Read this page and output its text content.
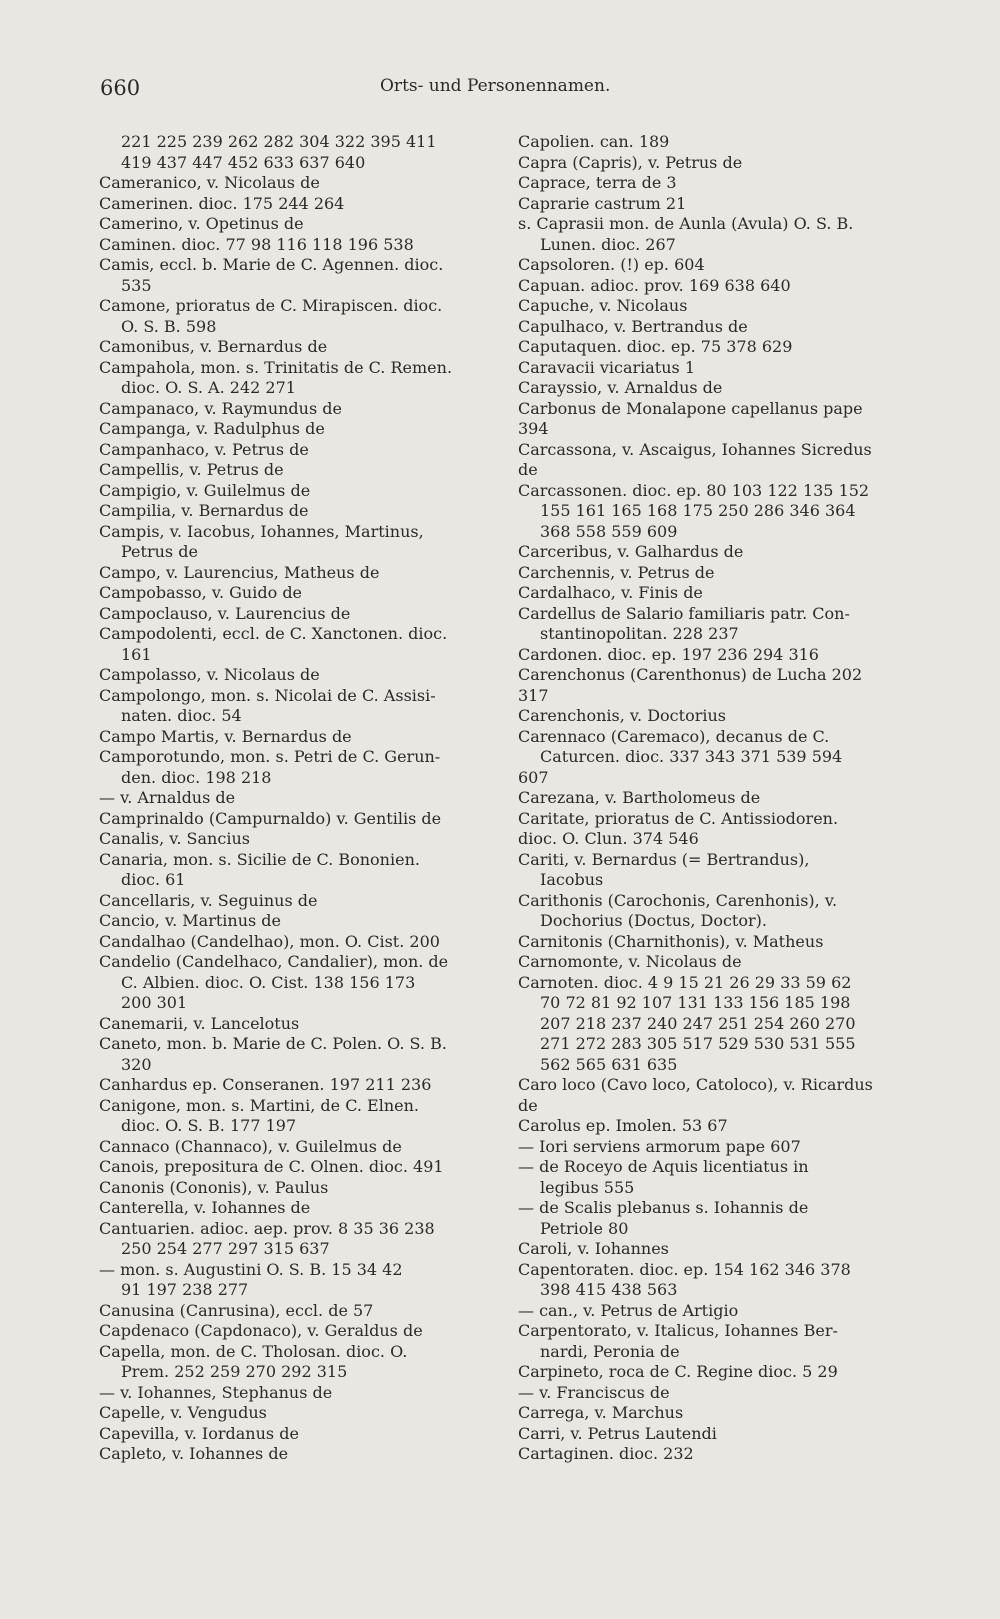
660	Orts- und Personennamen.
221 225 239 262 282 304 322 395 411
419 437 447 452 633 637 640
Cameranico, v. Nicolaus de
Camerinen. dioc. 175 244 264
Camerino, v. Opetinus de
Caminen. dioc. 77 98 116 118 196 538
Camis, eccl. b. Marie de C. Agennen. dioc.
535
Camone, prioratus de C. Mirapiscen. dioc.
O. S. B. 598
Camonibus, v. Bernardus de
Campahola, mon. s. Trinitatis de C. Remen.
dioc. O. S. A. 242 271
Campanaco, v. Raymundus de
Campanga, v. Radulphus de
Campanhaco, v. Petrus de
Campellis, v. Petrus de
Campigio, v. Guilelmus de
Campilia, v. Bernardus de
Campis, v. Iacobus, Iohannes, Martinus,
Petrus de
Campo, v. Laurencius, Matheus de
Campobasso, v. Guido de
Campoclauso, v. Laurencius de
Campodolenti, eccl. de C. Xanctonen. dioc.
161
Campolasso, v. Nicolaus de
Campolongo, mon. s. Nicolai de C. Assisi-
naten. dioc. 54
Campo Martis, v. Bernardus de
Camporotundo, mon. s. Petri de C. Gerun-
den. dioc. 198 218
— v. Arnaldus de
Camprinaldo (Campurnaldo) v. Gentilis de
Canalis, v. Sancius
Canaria, mon. s. Sicilie de C. Bononien.
dioc. 61
Cancellaris, v. Seguinus de
Cancio, v. Martinus de
Candalhao (Candelhao), mon. O. Cist. 200
Candelio (Candelhaco, Candalier), mon. de
C. Albien. dioc. O. Cist. 138 156 173
200 301
Canemarii, v. Lancelotus
Caneto, mon. b. Marie de C. Polen. O. S. B.
320
Canhardus ep. Conseranen. 197 211 236
Canigone, mon. s. Martini, de C. Elnen.
dioc. O. S. B. 177 197
Cannaco (Channaco), v. Guilelmus de
Canois, prepositura de C. Olnen. dioc. 491
Canonis (Cononis), v. Paulus
Canterella, v. Iohannes de
Cantuarien. adioc. aep. prov. 8 35 36 238
250 254 277 297 315 637
— mon. s. Augustini O. S. B. 15 34 42
91 197 238 277
Canusina (Canrusina), eccl. de 57
Capdenaco (Capdonaco), v. Geraldus de
Capella, mon. de C. Tholosan. dioc. O.
Prem. 252 259 270 292 315
— v. Iohannes, Stephanus de
Capelle, v. Vengudus
Capevilla, v. Iordanus de
Capleto, v. Iohannes de
Capolien. can. 189
Capra (Capris), v. Petrus de
Caprace, terra de 3
Caprarie castrum 21
s. Caprasii mon. de Aunla (Avula) O. S. B.
Lunen. dioc. 267
Capsoloren. (!) ep. 604
Capuan. adioc. prov. 169 638 640
Capuche, v. Nicolaus
Capulhaco, v. Bertrandus de
Caputaquen. dioc. ep. 75 378 629
Caravacii vicariatus 1
Carayssio, v. Arnaldus de
Carbonus de Monalapone capellanus pape
394
Carcassona, v. Ascaigus, Iohannes Sicredus
de
Carcassonen. dioc. ep. 80 103 122 135 152
155 161 165 168 175 250 286 346 364
368 558 559 609
Carceribus, v. Galhardus de
Carchennis, v. Petrus de
Cardalhaco, v. Finis de
Cardellus de Salario familiaris patr. Con-
stantinopolitan. 228 237
Cardonen. dioc. ep. 197 236 294 316
Carenchonus (Carenthonus) de Lucha 202
317
Carenchonis, v. Doctorius
Carennaco (Caremaco), decanus de C.
Caturcen. dioc. 337 343 371 539 594
607
Carezana, v. Bartholomeus de
Caritate, prioratus de C. Antissiodoren.
dioc. O. Clun. 374 546
Cariti, v. Bernardus (= Bertrandus),
Iacobus
Carithonis (Carochonis, Carenhonis), v.
Dochorius (Doctus, Doctor).
Carnitonis (Charnithonis), v. Matheus
Carnomonte, v. Nicolaus de
Carnoten. dioc. 4 9 15 21 26 29 33 59 62
70 72 81 92 107 131 133 156 185 198
207 218 237 240 247 251 254 260 270
271 272 283 305 517 529 530 531 555
562 565 631 635
Caro loco (Cavo loco, Catoloco), v. Ricardus
de
Carolus ep. Imolen. 53 67
— Iori serviens armorum pape 607
— de Roceyo de Aquis licentiatus in
legibus 555
— de Scalis plebanus s. Iohannis de
Petriole 80
Caroli, v. Iohannes
Capentoraten. dioc. ep. 154 162 346 378
398 415 438 563
— can., v. Petrus de Artigio
Carpentorato, v. Italicus, Iohannes Ber-
nardi, Peronia de
Carpineto, roca de C. Regine dioc. 5 29
— v. Franciscus de
Carrega, v. Marchus
Carri, v. Petrus Lautendi
Cartaginen. dioc. 232
